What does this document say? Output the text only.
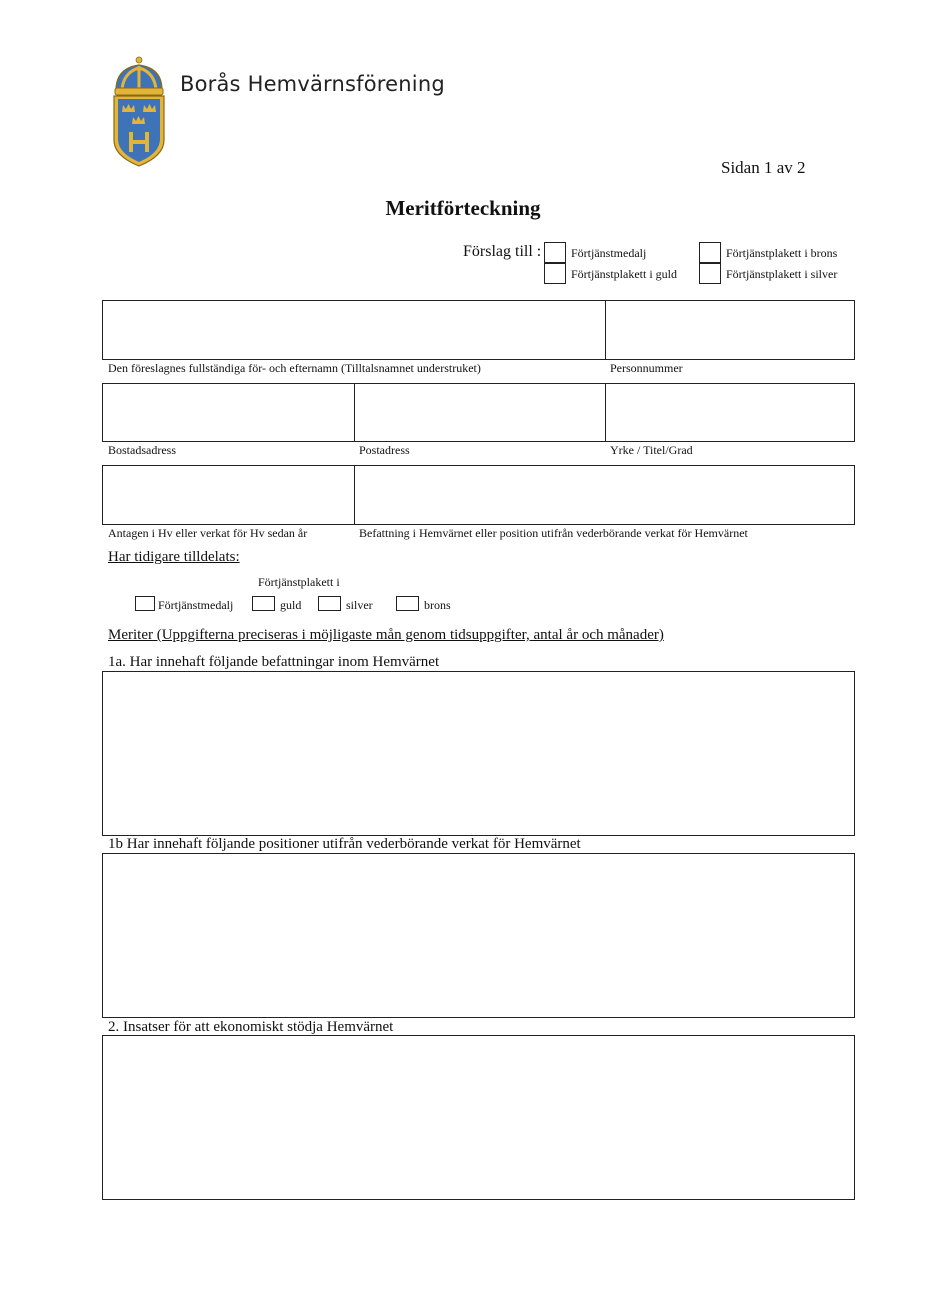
Borås Hemvärnsförening
Sidan 1 av 2
Meritförteckning
Förslag till : Förtjänstmedalj
Förtjänstplakett i guld
Förtjänstplakett i brons
Förtjänstplakett i silver
Den föreslagnes fullständiga för- och efternamn (Tilltalsnamnet understruket)	Personnummer
Bostadsadress	Postadress	Yrke / Titel/Grad
Antagen i Hv eller verkat för Hv sedan år	Befattning i Hemvärnet eller position utifrån vederbörande verkat för Hemvärnet
Har tidigare tilldelats:
Förtjänstplakett i
Förtjänstmedalj	guld	silver	brons
Meriter (Uppgifterna preciseras i möjligaste mån genom tidsuppgifter, antal år och månader)
1a. Har innehaft följande befattningar inom Hemvärnet
1b Har innehaft följande positioner utifrån vederbörande verkat för Hemvärnet
2. Insatser för att ekonomiskt stödja Hemvärnet
